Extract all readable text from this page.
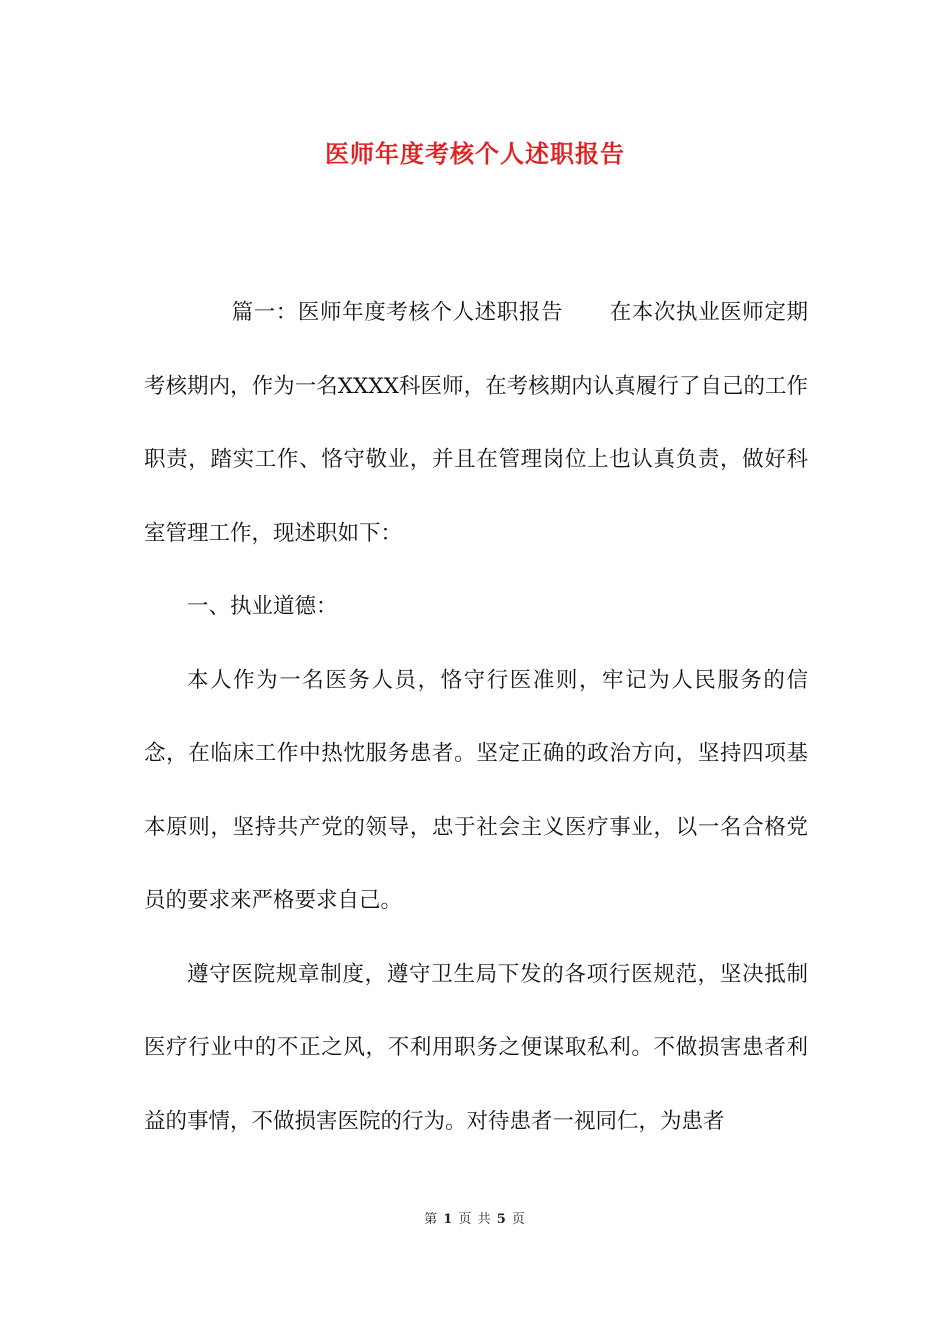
医师年度考核个人述职报告

篇一：医师年度考核个人述职报告 在本次执业医师定期考核期内，作为一名XXXX科医师，在考核期内认真履行了自己的工作职责，踏实工作、恪守敬业，并且在管理岗位上也认真负责，做好科室管理工作，现述职如下：

一、执业道德：

本人作为一名医务人员，恪守行医准则，牢记为人民服务的信念，在临床工作中热忱服务患者。坚定正确的政治方向，坚持四项基本原则，坚持共产党的领导，忠于社会主义医疗事业，以一名合格党员的要求来严格要求自己。

遵守医院规章制度，遵守卫生局下发的各项行医规范，坚决抵制医疗行业中的不正之风，不利用职务之便谋取私利。不做损害患者利益的事情，不做损害医院的行为。对待患者一视同仁，为患者

第 1 页 共 5 页
